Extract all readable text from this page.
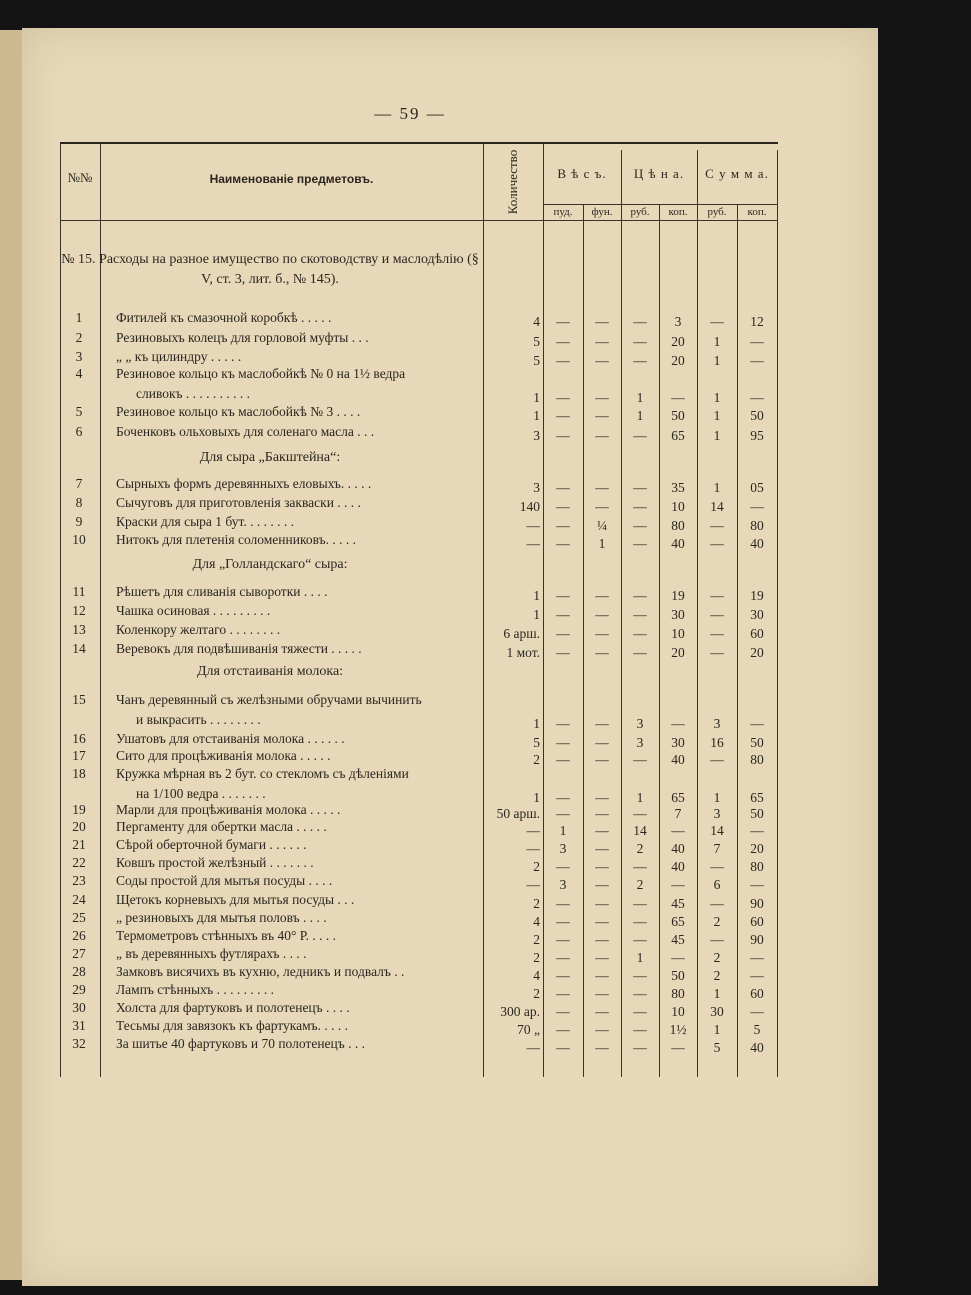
— 59 —
№№	Наименованіе предметовъ.	Количество	В ѣ с ъ.	Ц ѣ н а.	С у м м а.
пуд.	фун.	руб.	коп.	руб.	коп.
№ 15. Расходы на разное имущество по скотоводству и маслодѣлію (§ V, ст. 3, лит. б., № 145).
Для сыра „Бакштейна“:
Для „Голландскаго“ сыра:
Для отстаиванія молока:
1	Фитилей къ смазочной коробкѣ . . . . .	4	—	—	—	3	—	12
2	Резиновыхъ колецъ для горловой муфты . . .	5	—	—	—	20	1	—
3	„ „ къ цилиндру . . . . .	5	—	—	—	20	1	—
4	Резиновое кольцо къ маслобойкѣ № 0 на 1½ ведра
сливокъ . . . . . . . . . .	1	—	—	1	—	1	—
5	Резиновое кольцо къ маслобойкѣ № 3 . . . .	1	—	—	1	50	1	50
6	Боченковъ ольховыхъ для соленаго масла . . .	3	—	—	—	65	1	95
7	Сырныхъ формъ деревянныхъ еловыхъ. . . . .	3	—	—	—	35	1	05
8	Сычуговъ для приготовленія закваски . . . .	140	—	—	—	10	14	—
9	Краски для сыра 1 бут. . . . . . . .	—	—	¼	—	80	—	80
10	Нитокъ для плетенія соломенниковъ. . . . .	—	—	1	—	40	—	40
11	Рѣшетъ для сливанія сыворотки . . . .	1	—	—	—	19	—	19
12	Чашка осиновая . . . . . . . . .	1	—	—	—	30	—	30
13	Коленкору желтаго . . . . . . . .	6 арш.	—	—	—	10	—	60
14	Веревокъ для подвѣшиванія тяжести . . . . .	1 мот.	—	—	—	20	—	20
15	Чанъ деревянный съ желѣзными обручами вычинить
и выкрасить . . . . . . . .	1	—	—	3	—	3	—
16	Ушатовъ для отстаиванія молока . . . . . .	5	—	—	3	30	16	50
17	Сито для процѣживанія молока . . . . .	2	—	—	—	40	—	80
18	Кружка мѣрная въ 2 бут. со стекломъ съ дѣленіями
на 1/100 ведра . . . . . . .	1	—	—	1	65	1	65
19	Марли для процѣживанія молока . . . . .	50 арш.	—	—	—	7	3	50
20	Пергаменту для обертки масла . . . . .	—	1	—	14	—	14	—
21	Сѣрой оберточной бумаги . . . . . .	—	3	—	2	40	7	20
22	Ковшъ простой желѣзный . . . . . . .	2	—	—	—	40	—	80
23	Соды простой для мытья посуды . . . .	—	3	—	2	—	6	—
24	Щетокъ корневыхъ для мытья посуды . . .	2	—	—	—	45	—	90
25	„ резиновыхъ для мытья половъ . . . .	4	—	—	—	65	2	60
26	Термометровъ стѣнныхъ въ 40° Р. . . . .	2	—	—	—	45	—	90
27	„ въ деревянныхъ футлярахъ . . . .	2	—	—	1	—	2	—
28	Замковъ висячихъ въ кухню, ледникъ и подвалъ . .	4	—	—	—	50	2	—
29	Лампъ стѣнныхъ . . . . . . . . .	2	—	—	—	80	1	60
30	Холста для фартуковъ и полотенецъ . . . .	300 ар.	—	—	—	10	30	—
31	Тесьмы для завязокъ къ фартукамъ. . . . .	70 „	—	—	—	1½	1	5
32	За шитье 40 фартуковъ и 70 полотенецъ . . .	—	—	—	—	—	5	40
